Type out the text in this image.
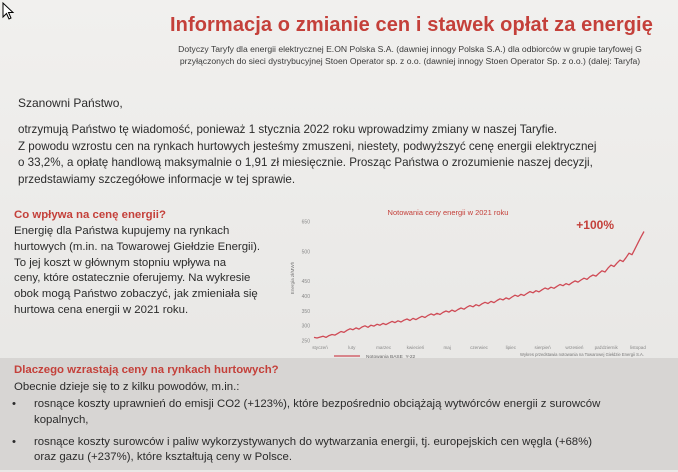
Informacja o zmianie cen i stawek opłat za energię
Dotyczy Taryfy dla energii elektrycznej E.ON Polska S.A. (dawniej innogy Polska S.A.) dla odbiorców w grupie taryfowej G
przyłączonych do sieci dystrybucyjnej Stoen Operator sp. z o.o. (dawniej innogy Stoen Operator Sp. z o.o.) (dalej: Taryfa)
Szanowni Państwo,
otrzymują Państwo tę wiadomość, ponieważ 1 stycznia 2022 roku wprowadzimy zmiany w naszej Taryfie.
Z powodu wzrostu cen na rynkach hurtowych jesteśmy zmuszeni, niestety, podwyższyć cenę energii elektrycznej
o 33,2%, a opłatę handlową maksymalnie o 1,91 zł miesięcznie. Prosząc Państwa o zrozumienie naszej decyzji,
przedstawiamy szczegółowe informacje w tej sprawie.
Co wpływa na cenę energii?
Energię dla Państwa kupujemy na rynkach
hurtowych (m.in. na Towarowej Giełdzie Energii).
To jej koszt w głównym stopniu wpływa na
ceny, które ostatecznie oferujemy. Na wykresie
obok mogą Państwo zobaczyć, jak zmieniała się
hurtowa cena energii w 2021 roku.
Notowania ceny energii w 2021 roku
Energia zł/MWh
650
500
450
400
350
300
250
styczeń	luty	marzec	kwiecień	maj	czerwiec	lipiec	sierpień	wrzesień październik	listopad
+100%
Wykres przedstawia notowania na Towarowej Giełdzie Energii S.A.
Dlaczego wzrastają ceny na rynkach hurtowych?
Obecnie dzieje się to z kilku powodów, m.in.:
• rosnące koszty uprawnień do emisji CO2 (+123%), które bezpośrednio obciążają wytwórców energii z surowców
kopalnych,
• rosnące koszty surowców i paliw wykorzystywanych do wytwarzania energii, tj. europejskich cen węgla (+68%)
oraz gazu (+237%), które kształtują ceny w Polsce.
